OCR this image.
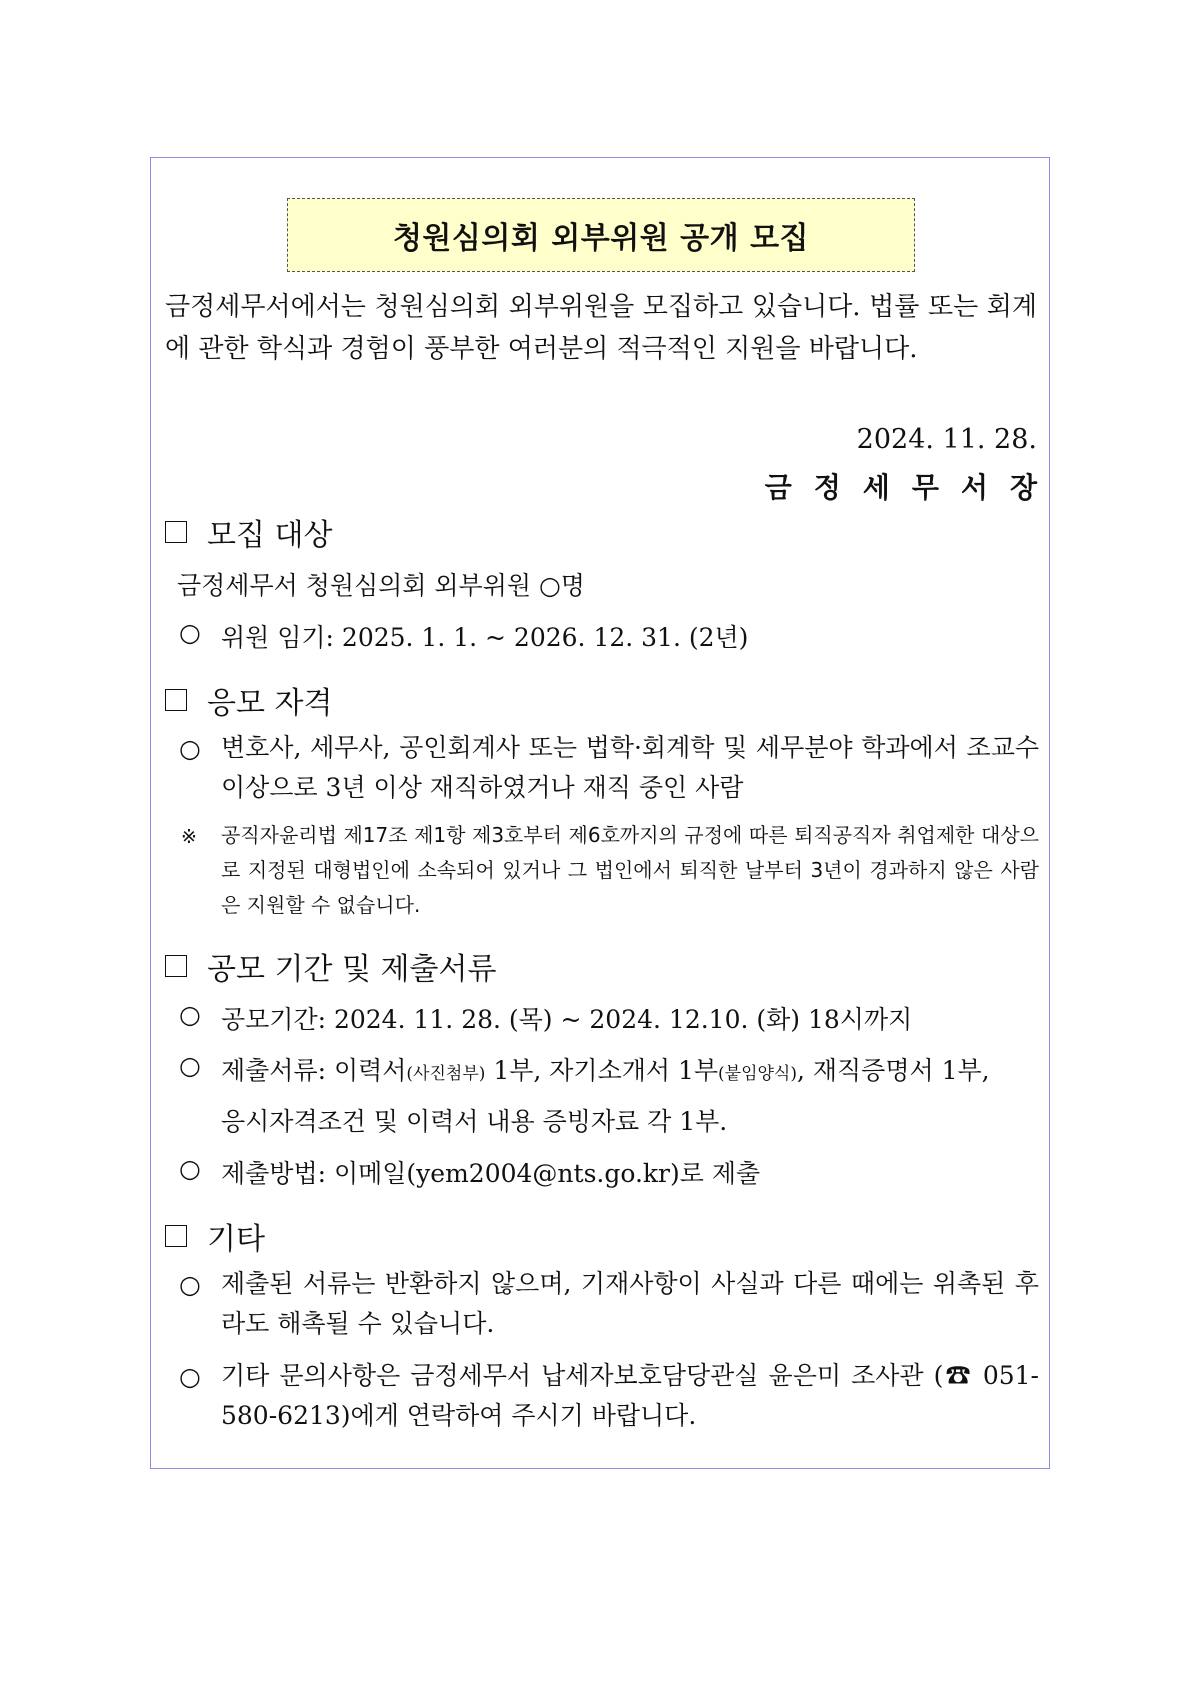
청원심의회 외부위원 공개 모집
금정세무서에서는 청원심의회 외부위원을 모집하고 있습니다. 법률 또는 회계에 관한 학식과 경험이 풍부한 여러분의 적극적인 지원을 바랍니다.
2024. 11. 28.
금정세무서장
모집 대상
금정세무서 청원심의회 외부위원 ○명
○ 위원 임기: 2025. 1. 1. ~ 2026. 12. 31. (2년)
응모 자격
○ 변호사, 세무사, 공인회계사 또는 법학·회계학 및 세무분야 학과에서 조교수 이상으로 3년 이상 재직하였거나 재직 중인 사람
※ 공직자윤리법 제17조 제1항 제3호부터 제6호까지의 규정에 따른 퇴직공직자 취업제한 대상으로 지정된 대형법인에 소속되어 있거나 그 법인에서 퇴직한 날부터 3년이 경과하지 않은 사람은 지원할 수 없습니다.
공모 기간 및 제출서류
○ 공모기간: 2024. 11. 28. (목) ~ 2024. 12.10. (화) 18시까지
○ 제출서류: 이력서(사진첨부) 1부, 자기소개서 1부(붙임양식), 재직증명서 1부,
응시자격조건 및 이력서 내용 증빙자료 각 1부.
○ 제출방법: 이메일(yem2004@nts.go.kr)로 제출
기타
○ 제출된 서류는 반환하지 않으며, 기재사항이 사실과 다른 때에는 위촉된 후라도 해촉될 수 있습니다.
○ 기타 문의사항은 금정세무서 납세자보호담당관실 윤은미 조사관 (☎ 051-580-6213)에게 연락하여 주시기 바랍니다.
